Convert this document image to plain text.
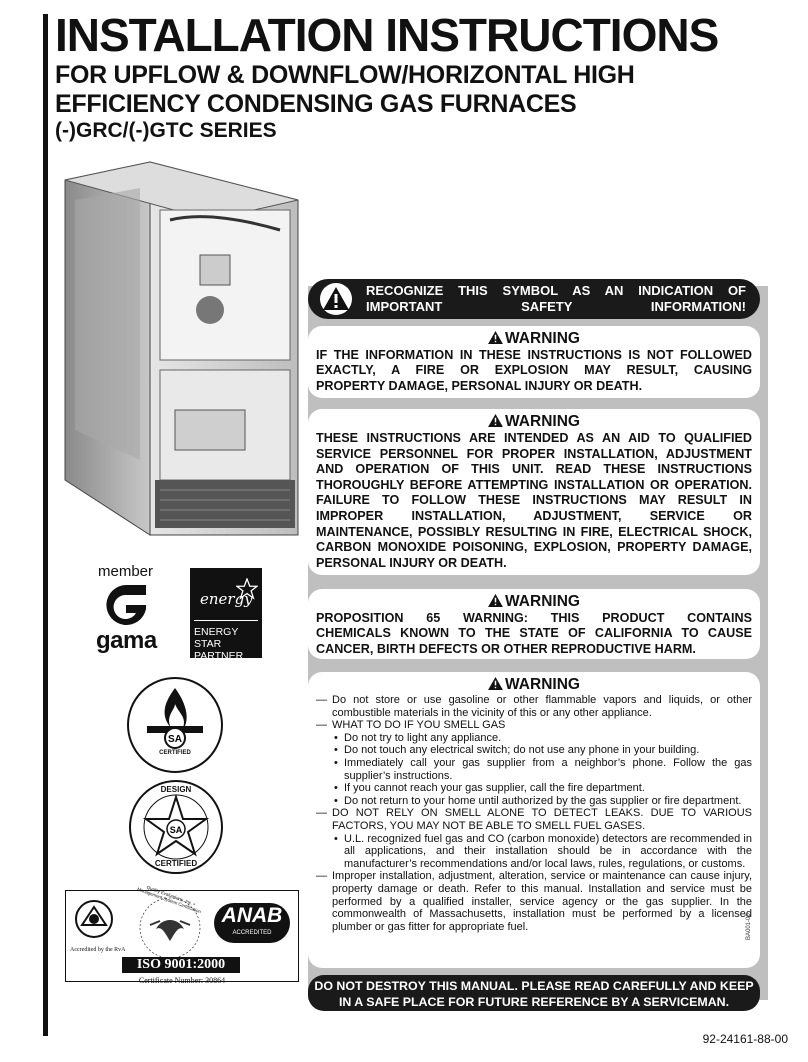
INSTALLATION INSTRUCTIONS
FOR UPFLOW & DOWNFLOW/HORIZONTAL HIGH
EFFICIENCY CONDENSING GAS FURNACES
(-)GRC/(-)GTC SERIES
member
gama
energy
ENERGY STAR
PARTNER
SA
CERTIFIED
SA
DESIGN
CERTIFIED
Accredited by the RvA
Quality Evaluations, Inc. • Management System Certification
ANAB
ACCREDITED
ISO 9001:2000
Certificate Number: 30864
RECOGNIZE THIS SYMBOL AS AN INDICATION OF
IMPORTANT SAFETY INFORMATION!
WARNING
IF THE INFORMATION IN THESE INSTRUCTIONS IS NOT FOLLOWED
EXACTLY, A FIRE OR EXPLOSION MAY RESULT, CAUSING
PROPERTY DAMAGE, PERSONAL INJURY OR DEATH.
WARNING
THESE INSTRUCTIONS ARE INTENDED AS AN AID TO QUALIFIED
SERVICE PERSONNEL FOR PROPER INSTALLATION, ADJUSTMENT
AND OPERATION OF THIS UNIT. READ THESE INSTRUCTIONS
THOROUGHLY BEFORE ATTEMPTING INSTALLATION OR OPERATION.
FAILURE TO FOLLOW THESE INSTRUCTIONS MAY RESULT IN
IMPROPER INSTALLATION, ADJUSTMENT, SERVICE OR
MAINTENANCE, POSSIBLY RESULTING IN FIRE, ELECTRICAL SHOCK,
CARBON MONOXIDE POISONING, EXPLOSION, PROPERTY DAMAGE,
PERSONAL INJURY OR DEATH.
WARNING
PROPOSITION 65 WARNING: THIS PRODUCT CONTAINS
CHEMICALS KNOWN TO THE STATE OF CALIFORNIA TO CAUSE
CANCER, BIRTH DEFECTS OR OTHER REPRODUCTIVE HARM.
WARNING
— Do not store or use gasoline or other flammable vapors and liquids, or other combustible materials in the vicinity of this or any other appliance.
— WHAT TO DO IF YOU SMELL GAS
• Do not try to light any appliance.
• Do not touch any electrical switch; do not use any phone in your building.
• Immediately call your gas supplier from a neighbor’s phone. Follow the gas supplier’s instructions.
• If you cannot reach your gas supplier, call the fire department.
• Do not return to your home until authorized by the gas supplier or fire department.
— DO NOT RELY ON SMELL ALONE TO DETECT LEAKS. DUE TO VARIOUS FACTORS, YOU MAY NOT BE ABLE TO SMELL FUEL GASES.
• U.L. recognized fuel gas and CO (carbon monoxide) detectors are recommended in all applications, and their installation should be in accordance with the manufacturer’s recommendations and/or local laws, rules, regulations, or customs.
— Improper installation, adjustment, alteration, service or maintenance can cause injury, property damage or death. Refer to this manual. Installation and service must be performed by a qualified installer, service agency or the gas supplier. In the commonwealth of Massachusetts, installation must be performed by a licensed plumber or gas fitter for appropriate fuel.	BA001-00
DO NOT DESTROY THIS MANUAL. PLEASE READ CAREFULLY AND KEEP
IN A SAFE PLACE FOR FUTURE REFERENCE BY A SERVICEMAN.
92-24161-88-00
